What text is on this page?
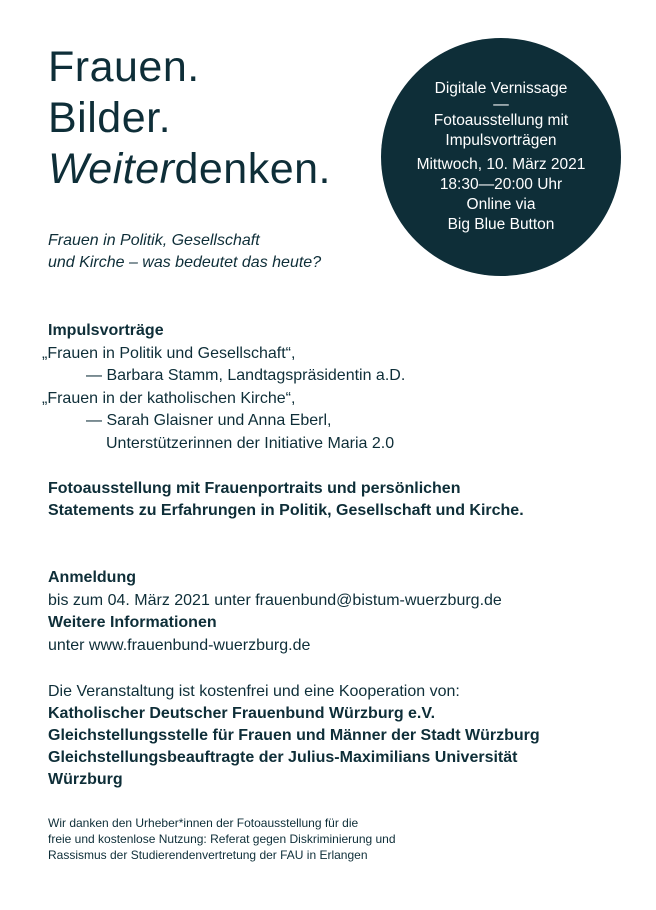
Frauen.
Bilder.
Weiterdenken.
Frauen in Politik, Gesellschaft
und Kirche – was bedeutet das heute?
Digitale Vernissage
—
Fotoausstellung mit
Impulsvorträgen
Mittwoch, 10. März 2021
18:30—20:00 Uhr
Online via
Big Blue Button
Impulsvorträge
„Frauen in Politik und Gesellschaft“,
— Barbara Stamm, Landtagspräsidentin a.D.
„Frauen in der katholischen Kirche“,
— Sarah Glaisner und Anna Eberl,
Unterstützerinnen der Initiative Maria 2.0
Fotoausstellung mit Frauenportraits und persönlichen
Statements zu Erfahrungen in Politik, Gesellschaft und Kirche.
Anmeldung
bis zum 04. März 2021 unter frauenbund@bistum-wuerzburg.de
Weitere Informationen
unter www.frauenbund-wuerzburg.de
Die Veranstaltung ist kostenfrei und eine Kooperation von:
Katholischer Deutscher Frauenbund Würzburg e.V.
Gleichstellungsstelle für Frauen und Männer der Stadt Würzburg
Gleichstellungsbeauftragte der Julius-Maximilians Universität
Würzburg
Wir danken den Urheber*innen der Fotoausstellung für die
freie und kostenlose Nutzung: Referat gegen Diskriminierung und
Rassismus der Studierendenvertretung der FAU in Erlangen
